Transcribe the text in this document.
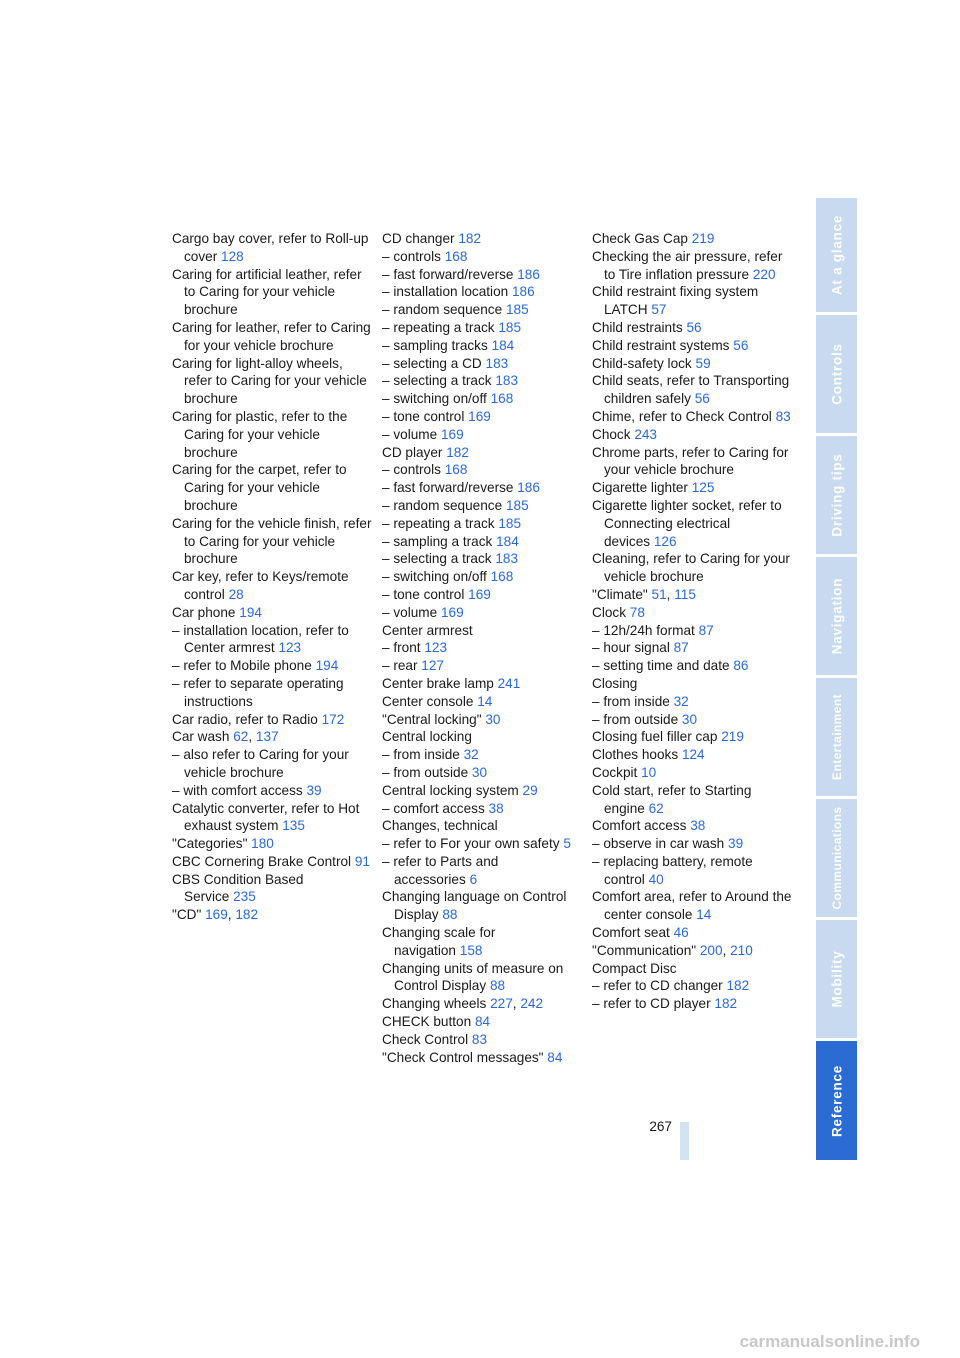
Cargo bay cover, refer to Roll-up cover 128
Caring for artificial leather, refer to Caring for your vehicle brochure
Caring for leather, refer to Caring for your vehicle brochure
Caring for light-alloy wheels, refer to Caring for your vehicle brochure
Caring for plastic, refer to the Caring for your vehicle brochure
Caring for the carpet, refer to Caring for your vehicle brochure
Caring for the vehicle finish, refer to Caring for your vehicle brochure
Car key, refer to Keys/remote control 28
Car phone 194
– installation location, refer to Center armrest 123
– refer to Mobile phone 194
– refer to separate operating instructions
Car radio, refer to Radio 172
Car wash 62, 137
– also refer to Caring for your vehicle brochure
– with comfort access 39
Catalytic converter, refer to Hot exhaust system 135
"Categories" 180
CBC Cornering Brake Control 91
CBS Condition Based Service 235
"CD" 169, 182
CD changer 182
– controls 168
– fast forward/reverse 186
– installation location 186
– random sequence 185
– repeating a track 185
– sampling tracks 184
– selecting a CD 183
– selecting a track 183
– switching on/off 168
– tone control 169
– volume 169
CD player 182
– controls 168
– fast forward/reverse 186
– random sequence 185
– repeating a track 185
– sampling a track 184
– selecting a track 183
– switching on/off 168
– tone control 169
– volume 169
Center armrest
– front 123
– rear 127
Center brake lamp 241
Center console 14
"Central locking" 30
Central locking
– from inside 32
– from outside 30
Central locking system 29
– comfort access 38
Changes, technical
– refer to For your own safety 5
– refer to Parts and accessories 6
Changing language on Control Display 88
Changing scale for navigation 158
Changing units of measure on Control Display 88
Changing wheels 227, 242
CHECK button 84
Check Control 83
"Check Control messages" 84
Check Gas Cap 219
Checking the air pressure, refer to Tire inflation pressure 220
Child restraint fixing system LATCH 57
Child restraints 56
Child restraint systems 56
Child-safety lock 59
Child seats, refer to Transporting children safely 56
Chime, refer to Check Control 83
Chock 243
Chrome parts, refer to Caring for your vehicle brochure
Cigarette lighter 125
Cigarette lighter socket, refer to Connecting electrical devices 126
Cleaning, refer to Caring for your vehicle brochure
"Climate" 51, 115
Clock 78
– 12h/24h format 87
– hour signal 87
– setting time and date 86
Closing
– from inside 32
– from outside 30
Closing fuel filler cap 219
Clothes hooks 124
Cockpit 10
Cold start, refer to Starting engine 62
Comfort access 38
– observe in car wash 39
– replacing battery, remote control 40
Comfort area, refer to Around the center console 14
Comfort seat 46
"Communication" 200, 210
Compact Disc
– refer to CD changer 182
– refer to CD player 182
267
At a glance
Controls
Driving tips
Navigation
Entertainment
Communications
Mobility
Reference
carmanualsonline.info
